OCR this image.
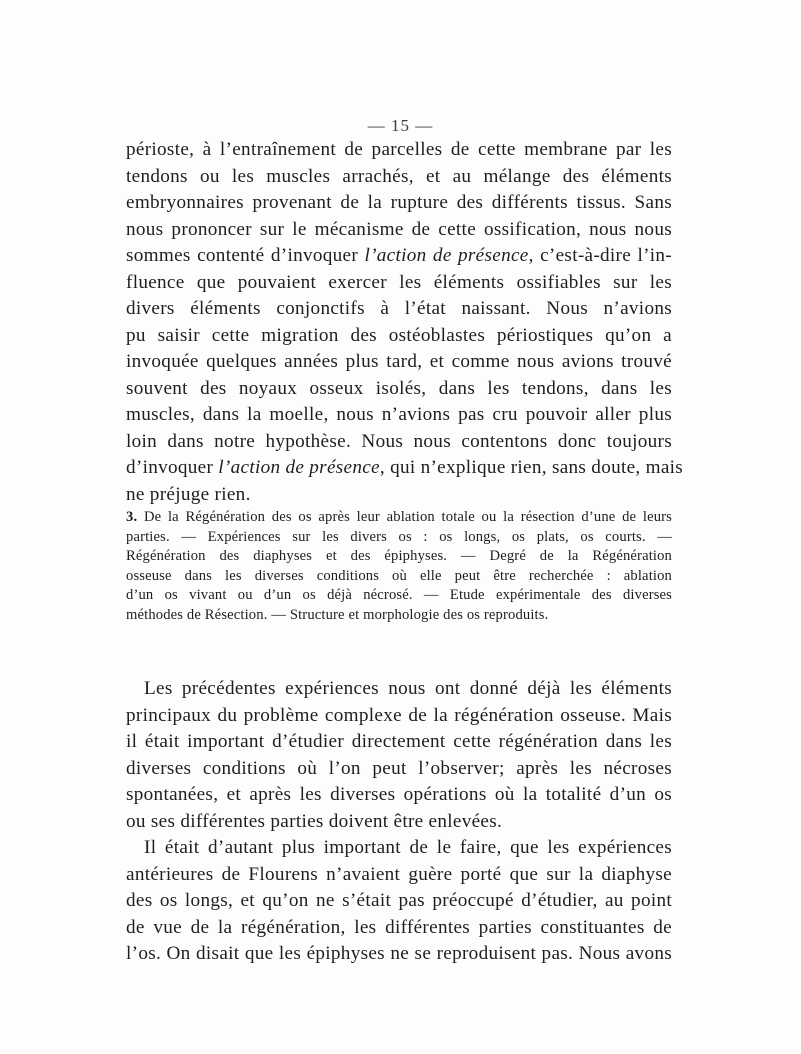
— 15 —
périoste, à l’entraînement de parcelles de cette membrane par les
tendons ou les muscles arrachés, et au mélange des éléments
embryonnaires provenant de la rupture des différents tissus. Sans
nous prononcer sur le mécanisme de cette ossification, nous nous
sommes contenté d’invoquer l’action de présence, c’est-à-dire l’in-
fluence que pouvaient exercer les éléments ossifiables sur les
divers éléments conjonctifs à l’état naissant. Nous n’avions
pu saisir cette migration des ostéoblastes périostiques qu’on a
invoquée quelques années plus tard, et comme nous avions trouvé
souvent des noyaux osseux isolés, dans les tendons, dans les
muscles, dans la moelle, nous n’avions pas cru pouvoir aller plus
loin dans notre hypothèse. Nous nous contentons donc toujours
d’invoquer l’action de présence, qui n’explique rien, sans doute, mais
ne préjuge rien.
3. De la Régénération des os après leur ablation totale ou la résection d’une de leurs
parties. — Expériences sur les divers os : os longs, os plats, os courts. —
Régénération des diaphyses et des épiphyses. — Degré de la Régénération
osseuse dans les diverses conditions où elle peut être recherchée : ablation
d’un os vivant ou d’un os déjà nécrosé. — Etude expérimentale des diverses
méthodes de Résection. — Structure et morphologie des os reproduits.
Les précédentes expériences nous ont donné déjà les éléments
principaux du problème complexe de la régénération osseuse. Mais
il était important d’étudier directement cette régénération dans les
diverses conditions où l’on peut l’observer; après les nécroses
spontanées, et après les diverses opérations où la totalité d’un os
ou ses différentes parties doivent être enlevées.
Il était d’autant plus important de le faire, que les expériences
antérieures de Flourens n’avaient guère porté que sur la diaphyse
des os longs, et qu’on ne s’était pas préoccupé d’étudier, au point
de vue de la régénération, les différentes parties constituantes de
l’os. On disait que les épiphyses ne se reproduisent pas. Nous avons
